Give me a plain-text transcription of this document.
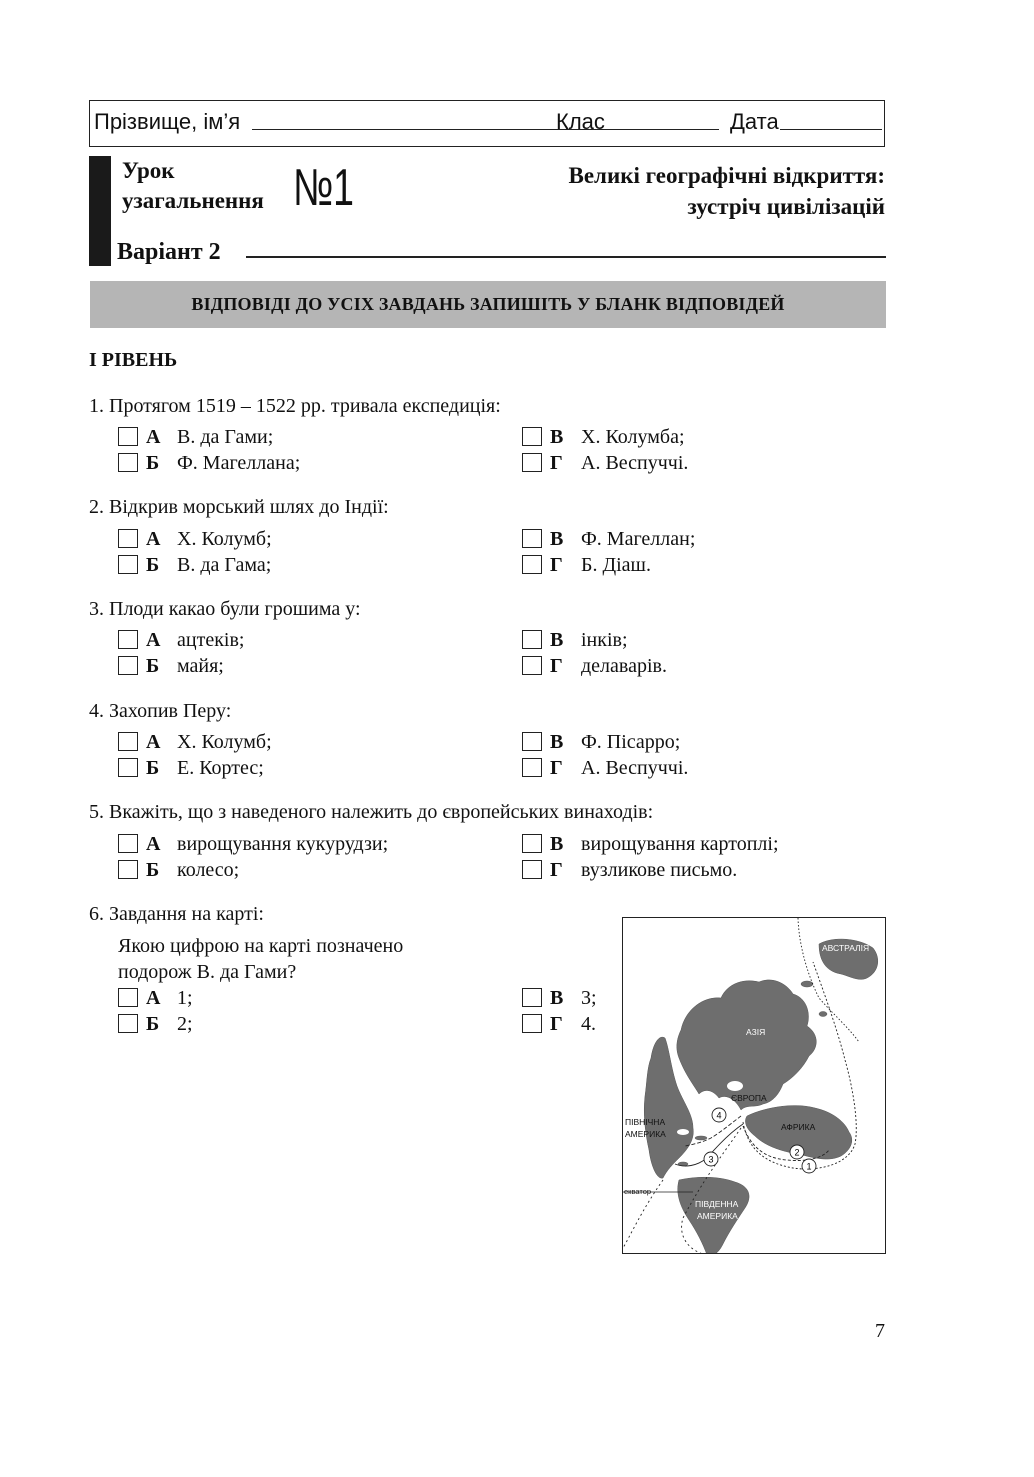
Прізвище, ім’я	Клас	Дата
Урок
узагальнення №1	Великі географічні відкриття:
зустріч цивілізацій
Варіант 2
ВІДПОВІДІ ДО УСІХ ЗАВДАНЬ ЗАПИШІТЬ У БЛАНК ВІДПОВІДЕЙ
І РІВЕНЬ
1. Протягом 1519 – 1522 рр. тривала експедиція:
А В. да Гами;
Б Ф. Магеллана;
В Х. Колумба;
Г А. Веспуччі.
2. Відкрив морський шлях до Індії:
А Х. Колумб;
Б В. да Гама;
В Ф. Магеллан;
Г Б. Діаш.
3. Плоди какао були грошима у:
А ацтеків;
Б майя;
В інків;
Г делаварів.
4. Захопив Перу:
А Х. Колумб;
Б Е. Кортес;
В Ф. Пісарро;
Г А. Веспуччі.
5. Вкажіть, що з наведеного належить до європейських винаходів:
А вирощування кукурудзи;
Б колесо;
В вирощування картоплі;
Г вузликове письмо.
6. Завдання на карті:
Якою цифрою на карті позначено
подорож В. да Гами?
А 1;
Б 2;
В 3;
Г 4.
1
2
3
4
АВСТРАЛІЯ
АЗІЯ
ЄВРОПА
АФРИКА
ПІВНІЧНА
АМЕРИКА
ПІВДЕННА
АМЕРИКА
екватор
7
